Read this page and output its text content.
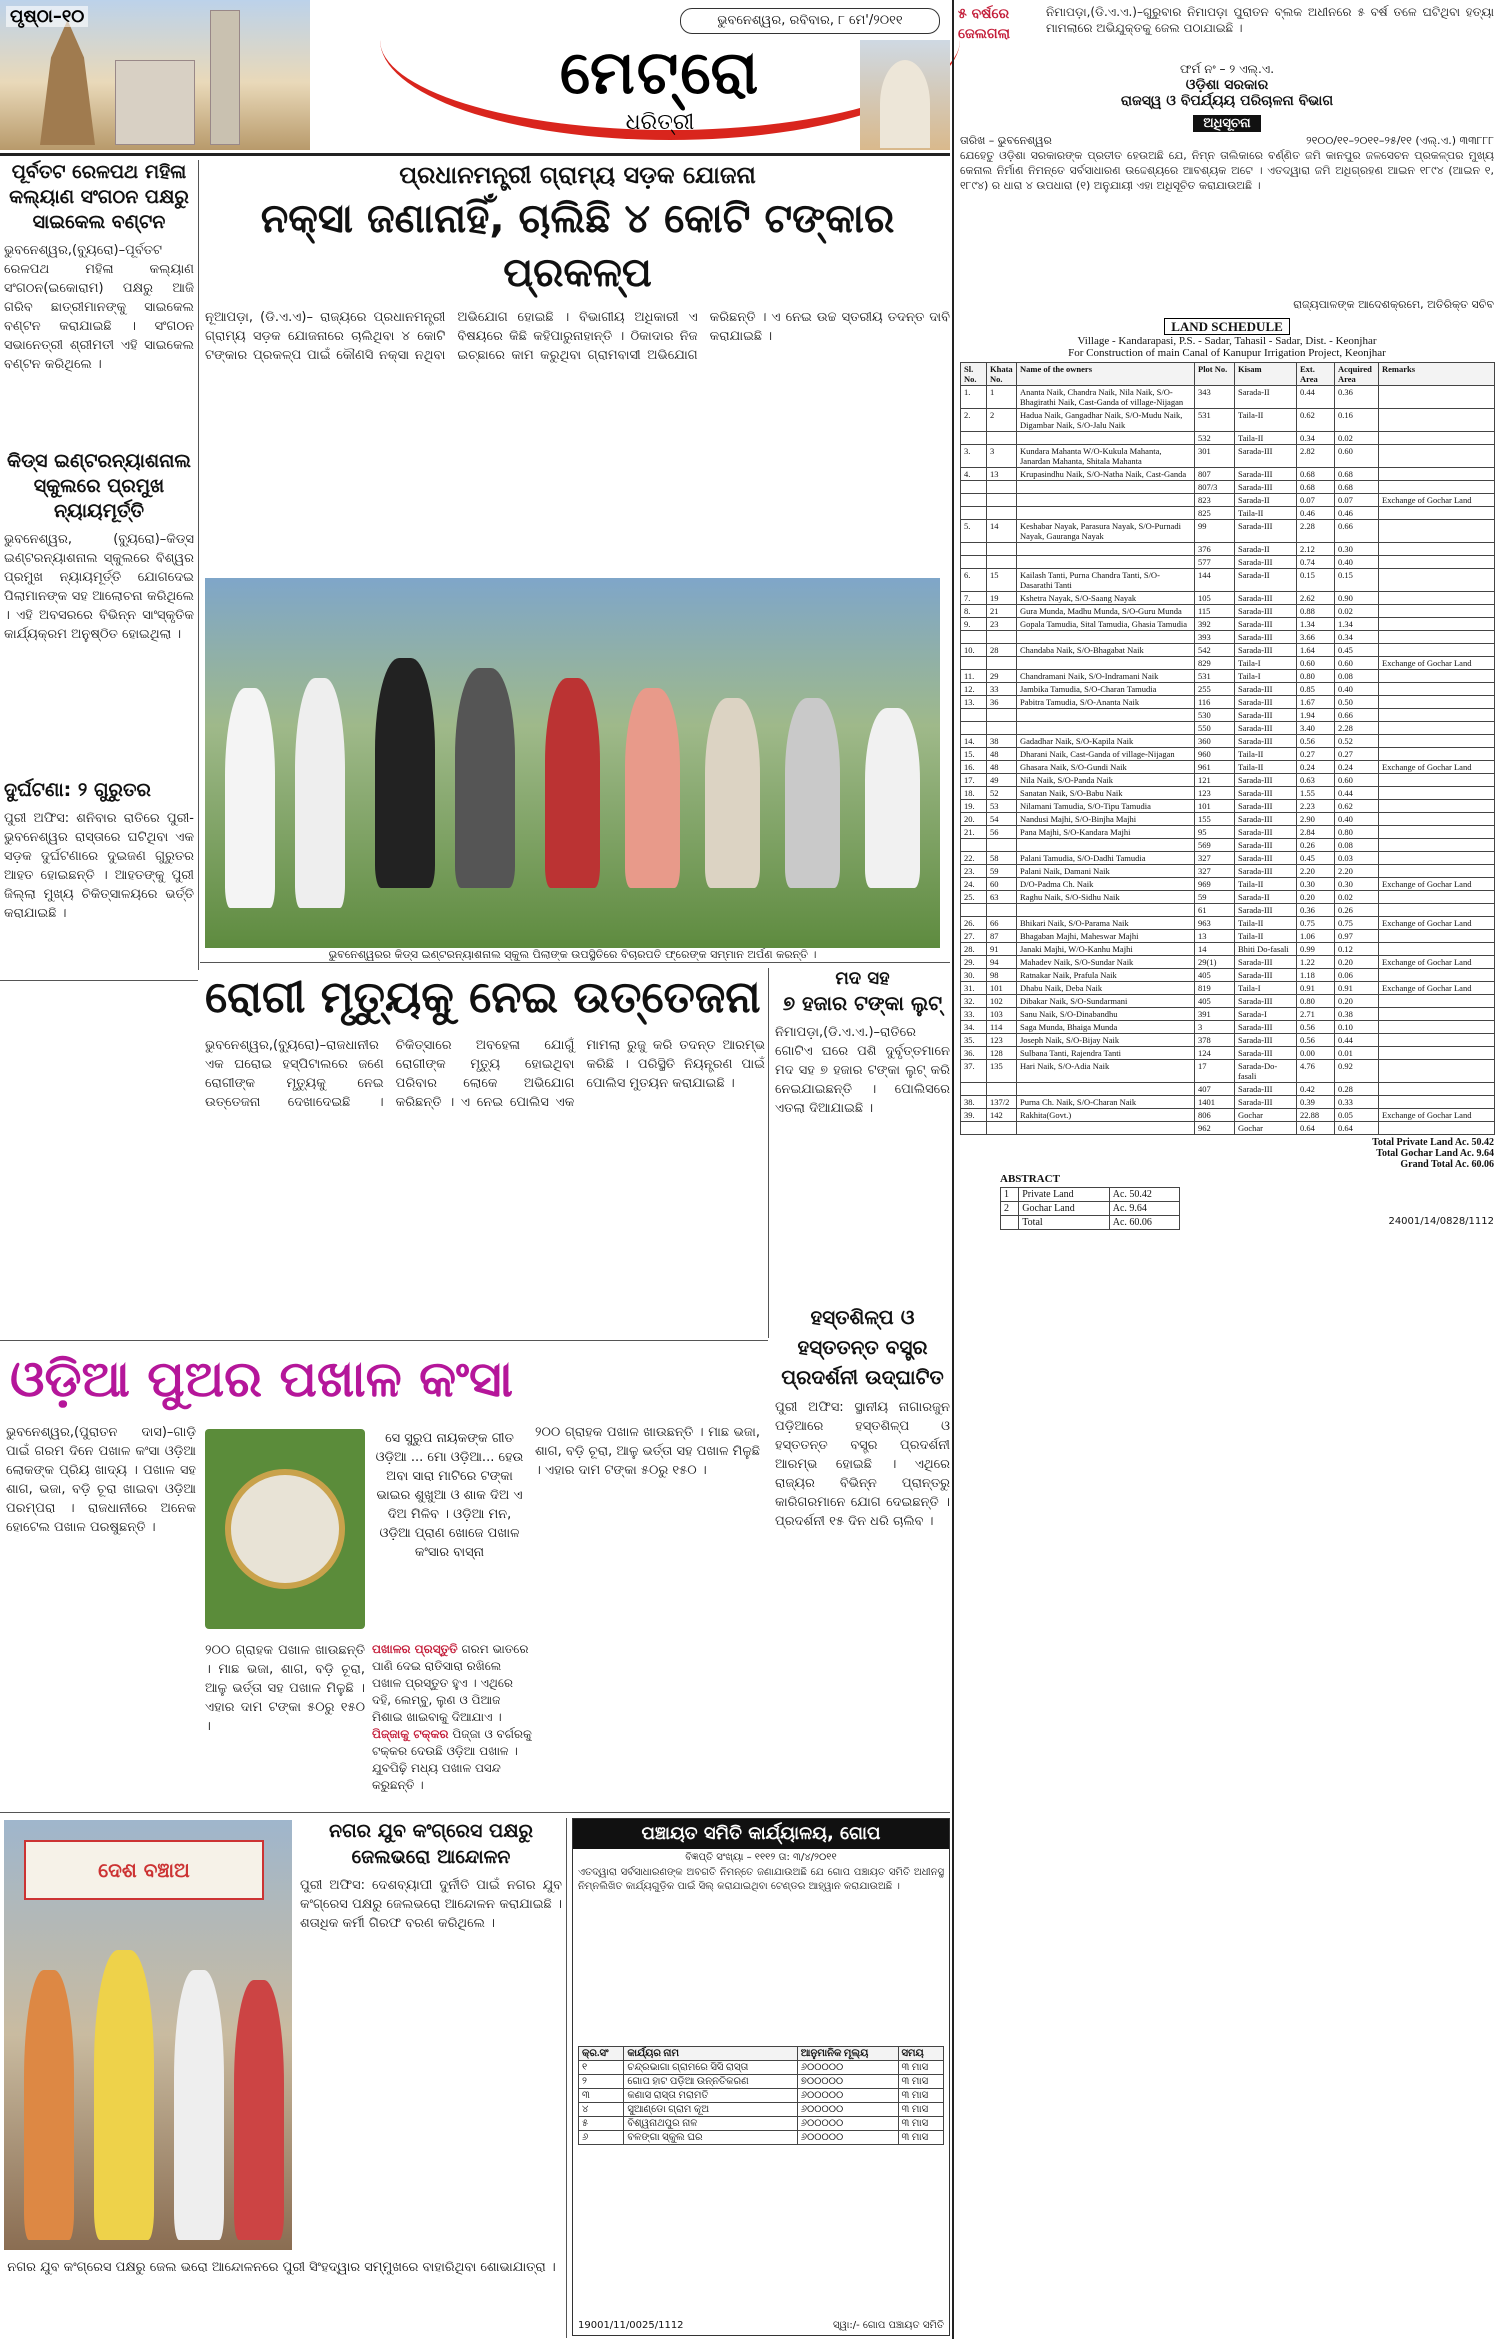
ପୃଷ୍ଠା–୧୦	ଭୁବନେଶ୍ୱର, ରବିବାର, ୮ ମେ'/୨୦୧୧
ମେଟ୍ରୋ
ଧରିତ୍ରୀ
ପୂର୍ବତଟ ରେଳପଥ ମହିଳା କଲ୍ୟାଣ ସଂଗଠନ ପକ୍ଷରୁ ସାଇକେଲ ବଣ୍ଟନ
ଭୁବନେଶ୍ୱର,(ବ୍ୟୁରୋ)–ପୂର୍ବତଟ ରେଳପଥ ମହିଳା କଲ୍ୟାଣ ସଂଗଠନ(ଇକୋରାମ) ପକ୍ଷରୁ ଆଜି ଗରିବ ଛାତ୍ରୀମାନଙ୍କୁ ସାଇକେଲ ବଣ୍ଟନ କରାଯାଇଛି । ସଂଗଠନ ସଭାନେତ୍ରୀ ଶ୍ରୀମତୀ ଏହି ସାଇକେଲ ବଣ୍ଟନ କରିଥିଲେ ।
କିଡ୍ସ ଇଣ୍ଟରନ୍ୟାଶନାଲ ସ୍କୁଲରେ ପ୍ରମୁଖ ନ୍ୟାୟମୂର୍ତ୍ତି
ଭୁବନେଶ୍ୱର, (ବ୍ୟୁରୋ)–କିଡ୍ସ ଇଣ୍ଟରନ୍ୟାଶନାଲ ସ୍କୁଲରେ ବିଶ୍ୱର ପ୍ରମୁଖ ନ୍ୟାୟମୂର୍ତ୍ତି ଯୋଗଦେଇ ପିଲାମାନଙ୍କ ସହ ଆଲୋଚନା କରିଥିଲେ । ଏହି ଅବସରରେ ବିଭିନ୍ନ ସାଂସ୍କୃତିକ କାର୍ଯ୍ୟକ୍ରମ ଅନୁଷ୍ଠିତ ହୋଇଥିଲା ।
ଦୁର୍ଘଟଣା: ୨ ଗୁରୁତର
ପୁରୀ ଅଫିସ: ଶନିବାର ରାତିରେ ପୁରୀ-ଭୁବନେଶ୍ୱର ରାସ୍ତାରେ ଘଟିଥିବା ଏକ ସଡ଼କ ଦୁର୍ଘଟଣାରେ ଦୁଇଜଣ ଗୁରୁତର ଆହତ ହୋଇଛନ୍ତି । ଆହତଙ୍କୁ ପୁରୀ ଜିଲ୍ଲା ମୁଖ୍ୟ ଚିକିତ୍ସାଳୟରେ ଭର୍ତ୍ତି କରାଯାଇଛି ।
ପ୍ରଧାନମନ୍ତ୍ରୀ ଗ୍ରାମ୍ୟ ସଡ଼କ ଯୋଜନା
ନକ୍ସା ଜଣାନାହିଁ, ଚାଲିଛି ୪ କୋଟି ଟଙ୍କାର ପ୍ରକଳ୍ପ
ନୂଆପଡ଼ା, (ଡି.ଏ.ଏ)– ରାଜ୍ୟରେ ପ୍ରଧାନମନ୍ତ୍ରୀ ଗ୍ରାମ୍ୟ ସଡ଼କ ଯୋଜନାରେ ଚାଲିଥିବା ୪ କୋଟି ଟଙ୍କାର ପ୍ରକଳ୍ପ ପାଇଁ କୌଣସି ନକ୍ସା ନଥିବା ଅଭିଯୋଗ ହୋଇଛି । ବିଭାଗୀୟ ଅଧିକାରୀ ଏ ବିଷୟରେ କିଛି କହିପାରୁନାହାନ୍ତି । ଠିକାଦାର ନିଜ ଇଚ୍ଛାରେ କାମ କରୁଥିବା ଗ୍ରାମବାସୀ ଅଭିଯୋଗ କରିଛନ୍ତି । ଏ ନେଇ ଉଚ୍ଚ ସ୍ତରୀୟ ତଦନ୍ତ ଦାବି କରାଯାଇଛି ।
ଭୁବନେଶ୍ୱରର କିଡ୍ସ ଇଣ୍ଟରନ୍ୟାଶନାଲ ସ୍କୁଲ ପିଲାଙ୍କ ଉପସ୍ଥିତିରେ ବିଚାରପତି ଫ୍ରେଙ୍କ ସମ୍ମାନ ଅର୍ପଣ କରନ୍ତି ।
ରୋଗୀ ମୃତ୍ୟୁକୁ ନେଇ ଉତ୍ତେଜନା
ଭୁବନେଶ୍ୱର,(ବ୍ୟୁରୋ)–ରାଜଧାନୀର ଏକ ଘରୋଇ ହସ୍ପିଟାଲରେ ଜଣେ ରୋଗୀଙ୍କ ମୃତ୍ୟୁକୁ ନେଇ ଉତ୍ତେଜନା ଦେଖାଦେଇଛି । ଚିକିତ୍ସାରେ ଅବହେଳା ଯୋଗୁଁ ରୋଗୀଙ୍କ ମୃତ୍ୟୁ ହୋଇଥିବା ପରିବାର ଲୋକେ ଅଭିଯୋଗ କରିଛନ୍ତି । ଏ ନେଇ ପୋଲିସ ଏକ ମାମଲା ରୁଜୁ କରି ତଦନ୍ତ ଆରମ୍ଭ କରିଛି । ପରିସ୍ଥିତି ନିୟନ୍ତ୍ରଣ ପାଇଁ ପୋଲିସ ମୁତୟନ କରାଯାଇଛି ।
ମଦ ସହ
୭ ହଜାର ଟଙ୍କା ଲୁଟ୍
ନିମାପଡ଼ା,(ଡି.ଏ.ଏ.)–ରାତିରେ ଗୋଟିଏ ଘରେ ପଶି ଦୁର୍ବୃତ୍ତମାନେ ମଦ ସହ ୭ ହଜାର ଟଙ୍କା ଲୁଟ୍ କରି ନେଇଯାଇଛନ୍ତି । ପୋଲିସରେ ଏତଲା ଦିଆଯାଇଛି ।
ହସ୍ତଶିଳ୍ପ ଓ ହସ୍ତତନ୍ତ ବସ୍ତ୍ର ପ୍ରଦର୍ଶନୀ ଉଦ୍‌ଘାଟିତ
ପୁରୀ ଅଫିସ: ସ୍ଥାନୀୟ ନାଗାରଜୁନ ପଡ଼ିଆରେ ହସ୍ତଶିଳ୍ପ ଓ ହସ୍ତତନ୍ତ ବସ୍ତ୍ର ପ୍ରଦର୍ଶନୀ ଆରମ୍ଭ ହୋଇଛି । ଏଥିରେ ରାଜ୍ୟର ବିଭିନ୍ନ ପ୍ରାନ୍ତରୁ କାରିଗରମାନେ ଯୋଗ ଦେଇଛନ୍ତି । ପ୍ରଦର୍ଶନୀ ୧୫ ଦିନ ଧରି ଚାଲିବ ।
ଓଡ଼ିଆ ପୁଅର ପଖାଳ କଂସା
ଭୁବନେଶ୍ୱର,(ପୁରାତନ ଦାସ)–ଗାଡ଼ି ପାଇଁ ଗରମ ଦିନେ ପଖାଳ କଂସା ଓଡ଼ିଆ ଲୋକଙ୍କ ପ୍ରିୟ ଖାଦ୍ୟ । ପଖାଳ ସହ ଶାଗ, ଭଜା, ବଡ଼ି ଚୂରା ଖାଇବା ଓଡ଼ିଆ ପରମ୍ପରା । ରାଜଧାନୀରେ ଅନେକ ହୋଟେଲ ପଖାଳ ପରଷୁଛନ୍ତି ।
ସେ ସୁରୁପ ନାୟକଙ୍କ ଗୀତ ଓଡ଼ିଆ ... ମୋ ଓଡ଼ିଆ... ହେଉ ଅବା ସାରା ମାଟିରେ ଟଙ୍କା ଭାଇର ଶୁଖୁଆ ଓ ଶାକ ଦିଅ ଏ ଦିଅ ମିଳିବ । ଓଡ଼ିଆ ମନ, ଓଡ଼ିଆ ପ୍ରାଣ ଖୋଜେ ପଖାଳ କଂସାର ବାସ୍ନା
୨୦୦ ଗ୍ରାହକ ପଖାଳ ଖାଉଛନ୍ତି । ମାଛ ଭଜା, ଶାଗ, ବଡ଼ି ଚୂରା, ଆଳୁ ଭର୍ତ୍ତା ସହ ପଖାଳ ମିଳୁଛି । ଏହାର ଦାମ ଟଙ୍କା ୫୦ରୁ ୧୫୦ ।
୨୦୦ ଗ୍ରାହକ ପଖାଳ ଖାଉଛନ୍ତି । ମାଛ ଭଜା, ଶାଗ, ବଡ଼ି ଚୂରା, ଆଳୁ ଭର୍ତ୍ତା ସହ ପଖାଳ ମିଳୁଛି । ଏହାର ଦାମ ଟଙ୍କା ୫୦ରୁ ୧୫୦ ।
ପଖାଳର ପ୍ରସ୍ତୁତି ଗରମ ଭାତରେ ପାଣି ଦେଇ ରାତିସାରା ରଖିଲେ ପଖାଳ ପ୍ରସ୍ତୁତ ହୁଏ । ଏଥିରେ ଦହି, ଲେମ୍ବୁ, ଲୁଣ ଓ ପିଆଜ ମିଶାଇ ଖାଇବାକୁ ଦିଆଯାଏ ।
ପିଜ୍ଜାକୁ ଟକ୍କର ପିଜ୍ଜା ଓ ବର୍ଗରକୁ ଟକ୍କର ଦେଉଛି ଓଡ଼ିଆ ପଖାଳ । ଯୁବପିଢ଼ି ମଧ୍ୟ ପଖାଳ ପସନ୍ଦ କରୁଛନ୍ତି ।
ଦେଶ ବଞ୍ଚାଅ
ନଗର ଯୁବ କଂଗ୍ରେସ ପକ୍ଷରୁ ଜେଲଭରୋ ଆନ୍ଦୋଳନ
ପୁରୀ ଅଫିସ: ଦେଶବ୍ୟାପୀ ଦୁର୍ନୀତି ପାଇଁ ନଗର ଯୁବ କଂଗ୍ରେସ ପକ୍ଷରୁ ଜେଲଭରୋ ଆନ୍ଦୋଳନ କରାଯାଇଛି । ଶତାଧିକ କର୍ମୀ ଗିରଫ ବରଣ କରିଥିଲେ ।
ନଗର ଯୁବ କଂଗ୍ରେସ ପକ୍ଷରୁ ଜେଲ ଭରୋ ଆନ୍ଦୋଳନରେ ପୁରୀ ସିଂହଦ୍ୱାର ସମ୍ମୁଖରେ ବାହାରିଥିବା ଶୋଭାଯାତ୍ରା ।
ପଞ୍ଚାୟତ ସମିତି କାର୍ଯ୍ୟାଳୟ, ଗୋପ
ବିଜ୍ଞପ୍ତି ସଂଖ୍ୟା – ୧୧୧୨ ତା: ୩/୪/୨୦୧୧
ଏତଦ୍ୱାରା ସର୍ବସାଧାରଣଙ୍କ ଅବଗତି ନିମନ୍ତେ ଜଣାଯାଉଅଛି ଯେ ଗୋପ ପଞ୍ଚାୟତ ସମିତି ଅଧୀନସ୍ଥ ନିମ୍ନଲିଖିତ କାର୍ଯ୍ୟଗୁଡ଼ିକ ପାଇଁ ସିଲ୍‌ କରାଯାଇଥିବା ଟେଣ୍ଡର ଆହ୍ୱାନ କରାଯାଉଅଛି ।
କ୍ର.ସଂ	କାର୍ଯ୍ୟର ନାମ	ଆନୁମାନିକ ମୂଲ୍ୟ	ସମୟ
୧	ଚନ୍ଦ୍ରଭାଗା ଗ୍ରାମରେ ସିସି ରାସ୍ତା	୬୦୦୦୦୦	୩ ମାସ
୨	ଗୋପ ହାଟ ପଡ଼ିଆ ଉନ୍ନତିକରଣ	୭୦୦୦୦୦	୩ ମାସ
୩	କଣାସ ରାସ୍ତା ମରାମତି	୬୦୦୦୦୦	୩ ମାସ
୪	ସୁଆଣ୍ଡୋ ଗ୍ରାମ କୂଅ	୬୦୦୦୦୦	୩ ମାସ
୫	ବିଶ୍ୱନାଥପୁର ନାଳ	୬୦୦୦୦୦	୩ ମାସ
୬	ବଳଙ୍ଗା ସ୍କୁଲ ଘର	୬୦୦୦୦୦	୩ ମାସ
19001/11/0025/1112	ସ୍ୱା:/- ଗୋପ ପଞ୍ଚାୟତ ସମିତି
୫ ବର୍ଷରେ ଜେଲଗଲା
ନିମାପଡ଼ା,(ଡି.ଏ.ଏ.)–ଗୁରୁବାର ନିମାପଡ଼ା ପୁରାତନ ବ୍ଲକ ଅଧୀନରେ ୫ ବର୍ଷ ତଳେ ଘଟିଥିବା ହତ୍ୟା ମାମଲାରେ ଅଭିଯୁକ୍ତକୁ ଜେଲ ପଠାଯାଇଛି ।
ଫର୍ମ ନଂ – ୨ ଏଲ୍.ଏ.
ଓଡ଼ିଶା ସରକାର
ରାଜସ୍ୱ ଓ ବିପର୍ଯ୍ୟୟ ପରିଚାଳନା ବିଭାଗ
ଅଧିସୂଚନା
ତାରିଖ – ଭୁବନେଶ୍ୱର	୨୧୦୦/୧୧–୨୦୧୧–୨୫/୧୧ (ଏଲ୍.ଏ.) ୩୩୮୮୮
ଯେହେତୁ ଓଡ଼ିଶା ସରକାରଙ୍କ ପ୍ରତୀତ ହେଉଅଛି ଯେ, ନିମ୍ନ ତାଲିକାରେ ବର୍ଣ୍ଣିତ ଜମି କାନପୁର ଜଳସେଚନ ପ୍ରକଳ୍ପର ମୁଖ୍ୟ କେନାଲ ନିର୍ମାଣ ନିମନ୍ତେ ସର୍ବସାଧାରଣ ଉଦ୍ଦେଶ୍ୟରେ ଆବଶ୍ୟକ ଅଟେ । ଏତଦ୍ୱାରା ଜମି ଅଧିଗ୍ରହଣ ଆଇନ ୧୮୯୪ (ଆଇନ ୧, ୧୮୯୪) ର ଧାରା ୪ ଉପଧାରା (୧) ଅନୁଯାୟୀ ଏହା ଅଧିସୂଚିତ କରାଯାଉଅଛି ।
ରାଜ୍ୟପାଳଙ୍କ ଆଦେଶକ୍ରମେ, ଅତିରିକ୍ତ ସଚିବ
LAND SCHEDULE
Village - Kandarapasi, P.S. - Sadar, Tahasil - Sadar, Dist. - Keonjhar
For Construction of main Canal of Kanupur Irrigation Project, Keonjhar
Sl. No.	Khata No.	Name of the owners	Plot No.	Kisam	Ext. Area	Acquired Area	Remarks
1.	1	Ananta Naik, Chandra Naik, Nila Naik, S/O-Bhagirathi Naik, Cast-Ganda of village-Nijagan	343	Sarada-II	0.44	0.36	
2.	2	Hadua Naik, Gangadhar Naik, S/O-Mudu Naik, Digambar Naik, S/O-Jalu Naik	531	Taila-II	0.62	0.16	
			532	Taila-II	0.34	0.02	
3.	3	Kundara Mahanta W/O-Kukula Mahanta, Janardan Mahanta, Shitala Mahanta	301	Sarada-III	2.82	0.60	
4.	13	Krupasindhu Naik, S/O-Natha Naik, Cast-Ganda	807	Sarada-III	0.68	0.68	
			807/3	Sarada-III	0.68	0.68	
			823	Sarada-II	0.07	0.07	Exchange of Gochar Land
			825	Taila-II	0.46	0.46	
5.	14	Keshabar Nayak, Parasura Nayak, S/O-Purnadi Nayak, Gauranga Nayak	99	Sarada-III	2.28	0.66	
			376	Sarada-II	2.12	0.30	
			577	Sarada-III	0.74	0.40	
6.	15	Kailash Tanti, Purna Chandra Tanti, S/O-Dasarathi Tanti	144	Sarada-II	0.15	0.15	
7.	19	Kshetra Nayak, S/O-Saang Nayak	105	Sarada-III	2.62	0.90	
8.	21	Gura Munda, Madhu Munda, S/O-Guru Munda	115	Sarada-III	0.88	0.02	
9.	23	Gopala Tamudia, Sital Tamudia, Ghasia Tamudia	392	Sarada-III	1.34	1.34	
			393	Sarada-III	3.66	0.34	
10.	28	Chandaba Naik, S/O-Bhagabat Naik	542	Sarada-III	1.64	0.45	
			829	Taila-I	0.60	0.60	Exchange of Gochar Land
11.	29	Chandramani Naik, S/O-Indramani Naik	531	Taila-I	0.80	0.08	
12.	33	Jambika Tamudia, S/O-Charan Tamudia	255	Sarada-III	0.85	0.40	
13.	36	Pabitra Tamudia, S/O-Ananta Naik	116	Sarada-III	1.67	0.50	
			530	Sarada-III	1.94	0.66	
			550	Sarada-III	3.40	2.28	
14.	38	Gadadhar Naik, S/O-Kapila Naik	360	Sarada-III	0.56	0.52	
15.	48	Dharani Naik, Cast-Ganda of village-Nijagan	960	Taila-II	0.27	0.27	
16.	48	Ghasara Naik, S/O-Gundi Naik	961	Taila-II	0.24	0.24	Exchange of Gochar Land
17.	49	Nila Naik, S/O-Panda Naik	121	Sarada-III	0.63	0.60	
18.	52	Sanatan Naik, S/O-Babu Naik	123	Sarada-III	1.55	0.44	
19.	53	Nilamani Tamudia, S/O-Tipu Tamudia	101	Sarada-III	2.23	0.62	
20.	54	Nandusi Majhi, S/O-Binjha Majhi	155	Sarada-III	2.90	0.40	
21.	56	Pana Majhi, S/O-Kandara Majhi	95	Sarada-III	2.84	0.80	
			569	Sarada-III	0.26	0.08	
22.	58	Palani Tamudia, S/O-Dadhi Tamudia	327	Sarada-III	0.45	0.03	
23.	59	Palani Naik, Damani Naik	327	Sarada-III	2.20	2.20	
24.	60	D/O-Padma Ch. Naik	969	Taila-II	0.30	0.30	Exchange of Gochar Land
25.	63	Raghu Naik, S/O-Sidhu Naik	59	Sarada-II	0.20	0.02	
			61	Sarada-III	0.36	0.26	
26.	66	Bhikari Naik, S/O-Parama Naik	963	Taila-II	0.75	0.75	Exchange of Gochar Land
27.	87	Bhagaban Majhi, Maheswar Majhi	13	Taila-II	1.06	0.97	
28.	91	Janaki Majhi, W/O-Kanhu Majhi	14	Bhiti Do-fasali	0.99	0.12	
29.	94	Mahadev Naik, S/O-Sundar Naik	29(1)	Sarada-III	1.22	0.20	Exchange of Gochar Land
30.	98	Ratnakar Naik, Prafula Naik	405	Sarada-III	1.18	0.06	
31.	101	Dhabu Naik, Deba Naik	819	Taila-I	0.91	0.91	Exchange of Gochar Land
32.	102	Dibakar Naik, S/O-Sundarmani	405	Sarada-III	0.80	0.20	
33.	103	Sanu Naik, S/O-Dinabandhu	391	Sarada-I	2.71	0.38	
34.	114	Saga Munda, Bhaiga Munda	3	Sarada-III	0.56	0.10	
35.	123	Joseph Naik, S/O-Bijay Naik	378	Sarada-III	0.56	0.44	
36.	128	Sulbana Tanti, Rajendra Tanti	124	Sarada-III	0.00	0.01	
37.	135	Hari Naik, S/O-Adia Naik	17	Sarada-Do-fasali	4.76	0.92	
			407	Sarada-III	0.42	0.28	
38.	137/2	Purna Ch. Naik, S/O-Charan Naik	1401	Sarada-III	0.39	0.33	
39.	142	Rakhita(Govt.)	806	Gochar	22.88	0.05	Exchange of Gochar Land
			962	Gochar	0.64	0.64	
Total Private Land Ac. 50.42
Total Gochar Land Ac. 9.64
Grand Total Ac. 60.06
ABSTRACT
1	Private Land	Ac. 50.42
2	Gochar Land	Ac. 9.64
	Total	Ac. 60.06	24001/14/0828/1112
